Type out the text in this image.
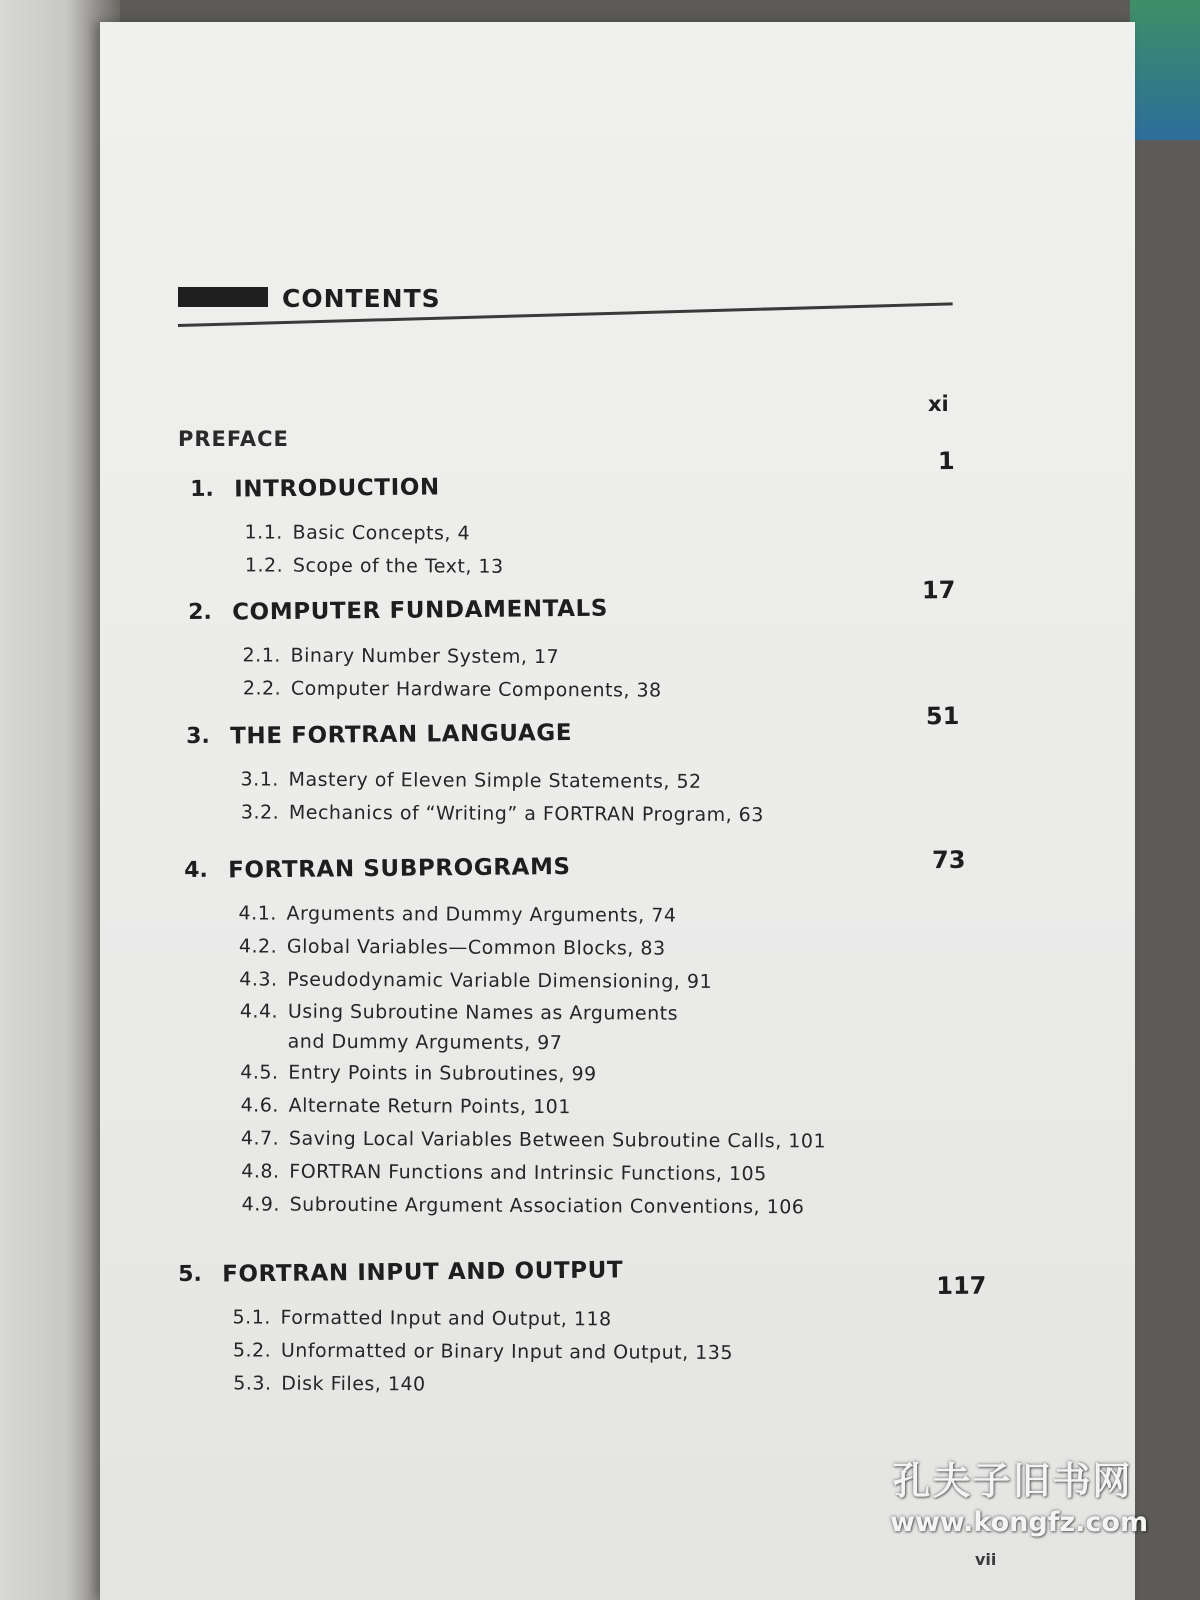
CONTENTS
PREFACE
xi
1. INTRODUCTION
1
1.1. Basic Concepts, 4
1.2. Scope of the Text, 13
2. COMPUTER FUNDAMENTALS
17
2.1. Binary Number System, 17
2.2. Computer Hardware Components, 38
3. THE FORTRAN LANGUAGE
51
3.1. Mastery of Eleven Simple Statements, 52
3.2. Mechanics of “Writing” a FORTRAN Program, 63
4. FORTRAN SUBPROGRAMS	73
4.1. Arguments and Dummy Arguments, 74
4.2. Global Variables—Common Blocks, 83
4.3. Pseudodynamic Variable Dimensioning, 91
4.4. Using Subroutine Names as Arguments
and Dummy Arguments, 97
4.5. Entry Points in Subroutines, 99
4.6. Alternate Return Points, 101
4.7. Saving Local Variables Between Subroutine Calls, 101
4.8. FORTRAN Functions and Intrinsic Functions, 105
4.9. Subroutine Argument Association Conventions, 106
5. FORTRAN INPUT AND OUTPUT	117
5.1. Formatted Input and Output, 118
5.2. Unformatted or Binary Input and Output, 135
5.3. Disk Files, 140
vii
孔夫子旧书网
www.kongfz.com
